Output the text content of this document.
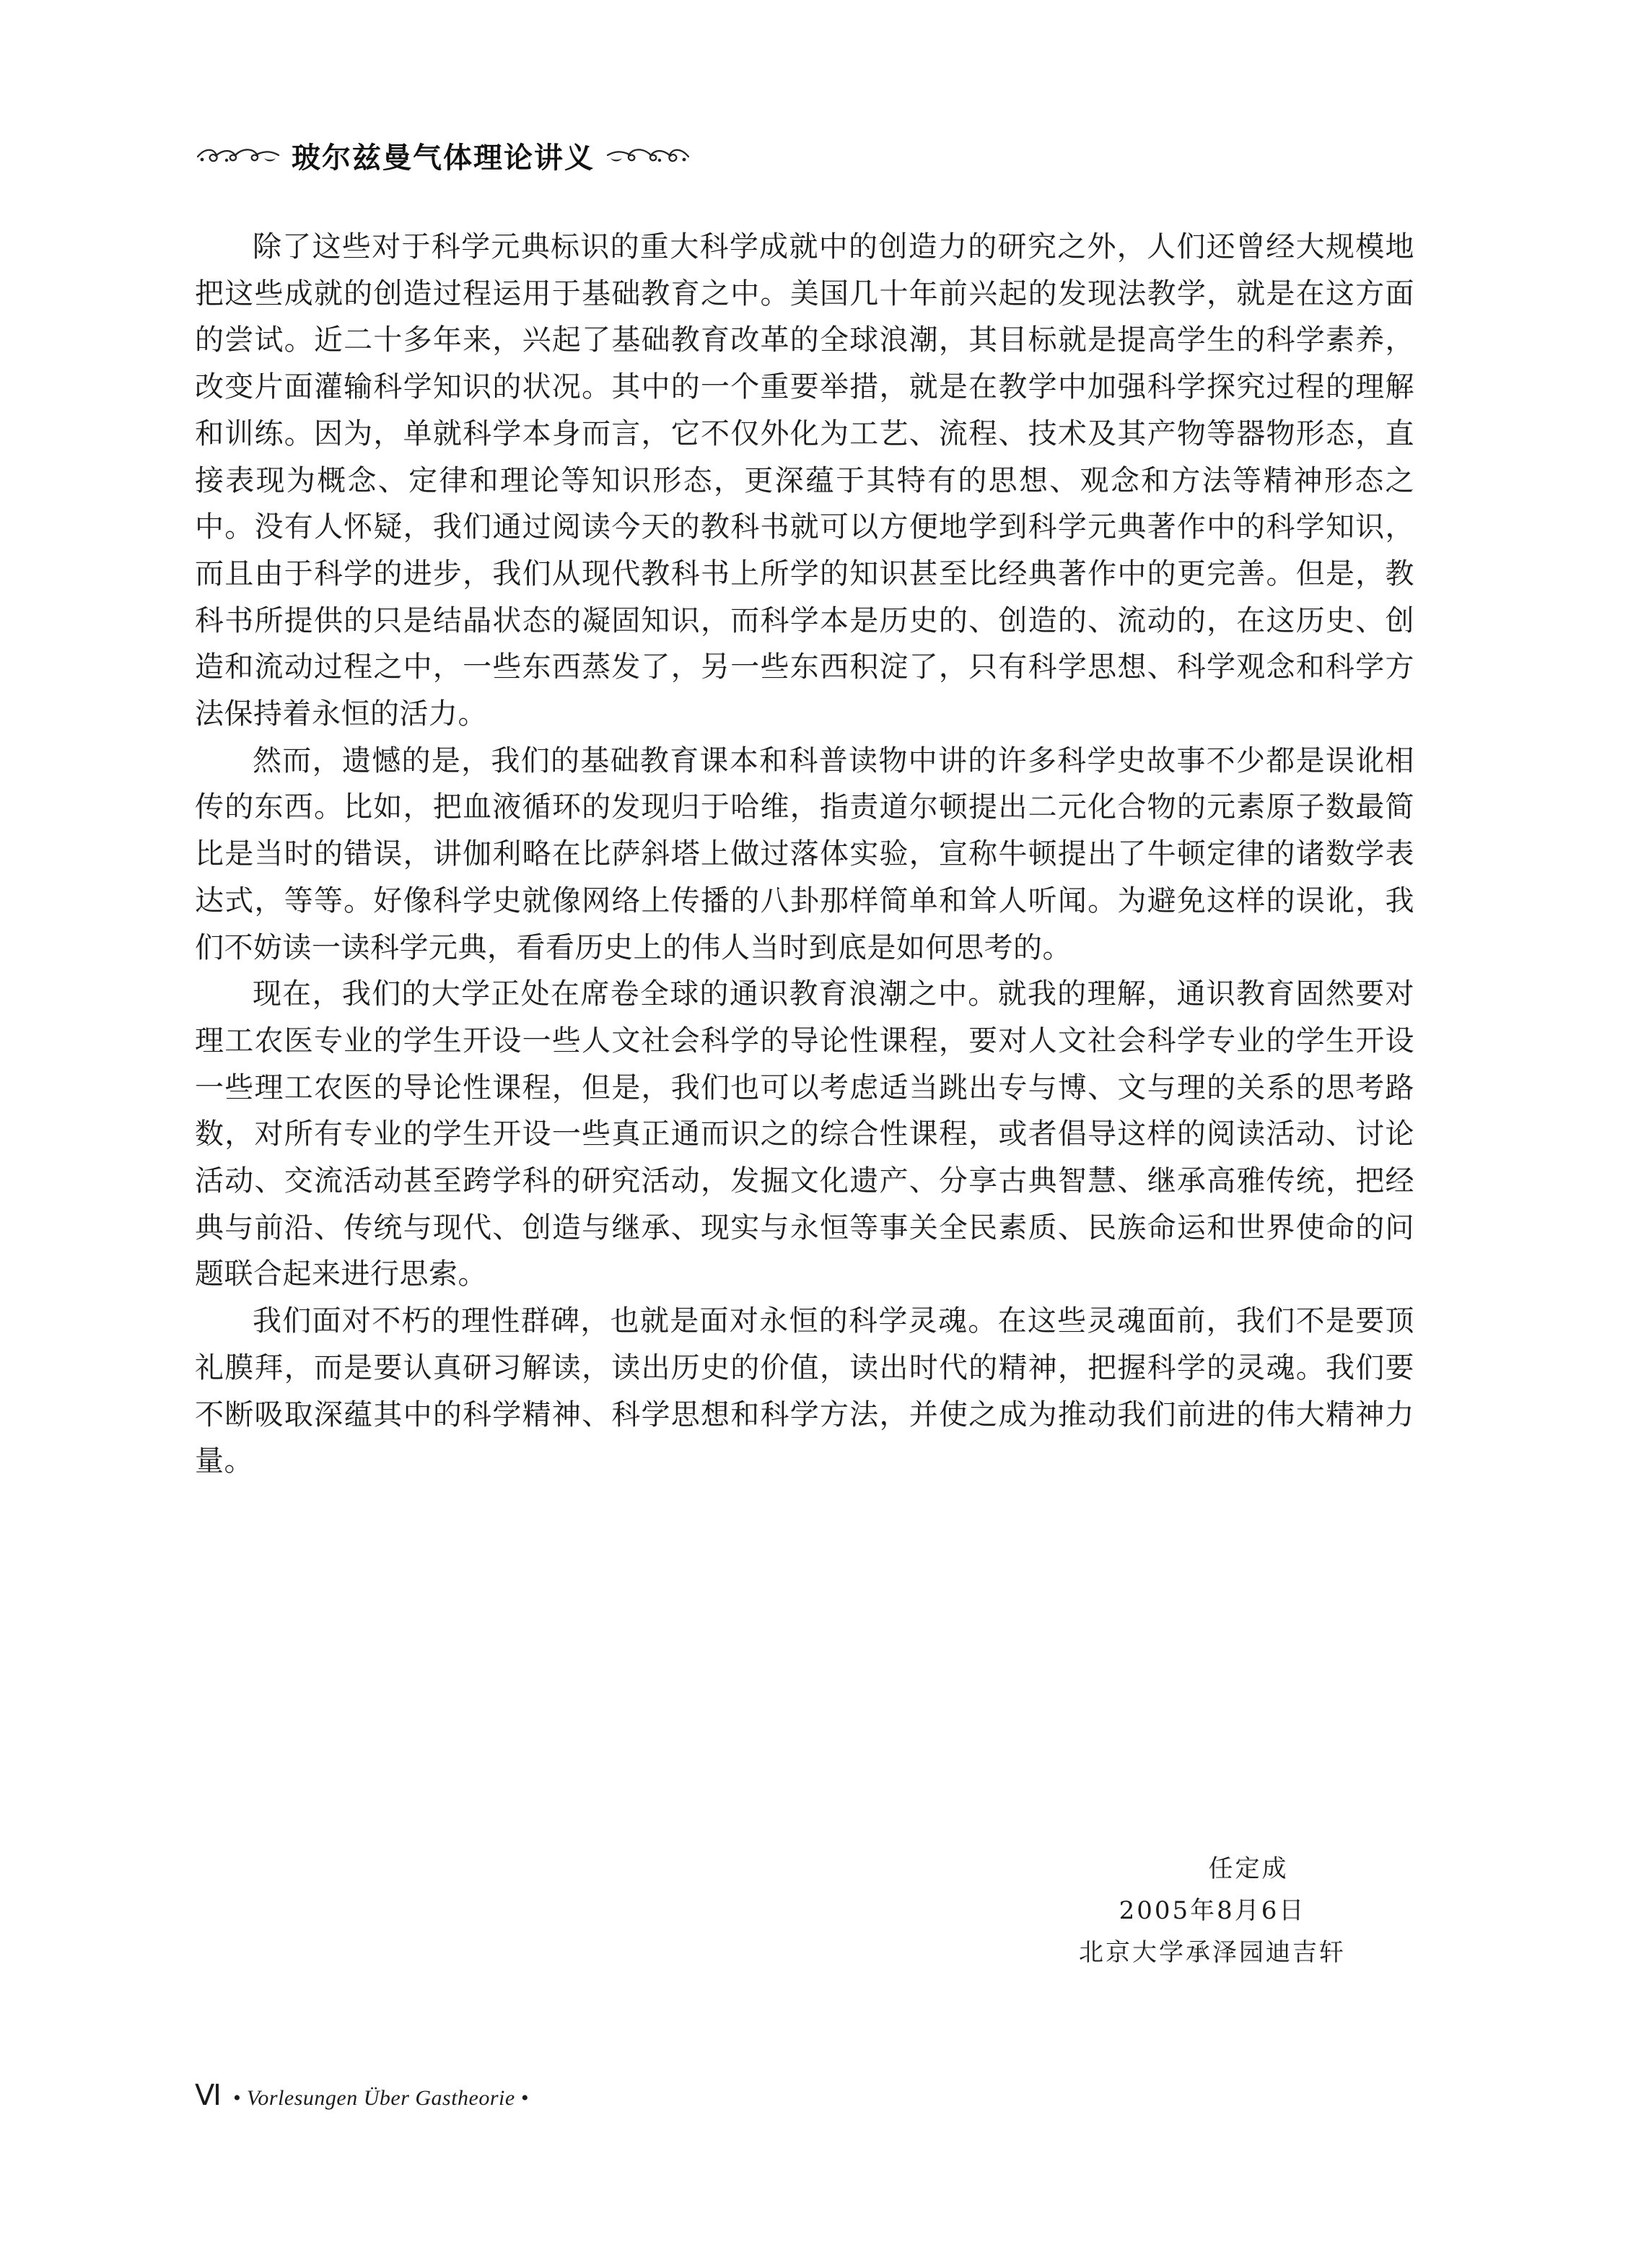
玻尔兹曼气体理论讲义

除了这些对于科学元典标识的重大科学成就中的创造力的研究之外，人们还曾经大规模地把这些成就的创造过程运用于基础教育之中。美国几十年前兴起的发现法教学，就是在这方面的尝试。近二十多年来，兴起了基础教育改革的全球浪潮，其目标就是提高学生的科学素养，改变片面灌输科学知识的状况。其中的一个重要举措，就是在教学中加强科学探究过程的理解和训练。因为，单就科学本身而言，它不仅外化为工艺、流程、技术及其产物等器物形态，直接表现为概念、定律和理论等知识形态，更深蕴于其特有的思想、观念和方法等精神形态之中。没有人怀疑，我们通过阅读今天的教科书就可以方便地学到科学元典著作中的科学知识，而且由于科学的进步，我们从现代教科书上所学的知识甚至比经典著作中的更完善。但是，教科书所提供的只是结晶状态的凝固知识，而科学本是历史的、创造的、流动的，在这历史、创造和流动过程之中，一些东西蒸发了，另一些东西积淀了，只有科学思想、科学观念和科学方法保持着永恒的活力。

然而，遗憾的是，我们的基础教育课本和科普读物中讲的许多科学史故事不少都是误讹相传的东西。比如，把血液循环的发现归于哈维，指责道尔顿提出二元化合物的元素原子数最简比是当时的错误，讲伽利略在比萨斜塔上做过落体实验，宣称牛顿提出了牛顿定律的诸数学表达式，等等。好像科学史就像网络上传播的八卦那样简单和耸人听闻。为避免这样的误讹，我们不妨读一读科学元典，看看历史上的伟人当时到底是如何思考的。

现在，我们的大学正处在席卷全球的通识教育浪潮之中。就我的理解，通识教育固然要对理工农医专业的学生开设一些人文社会科学的导论性课程，要对人文社会科学专业的学生开设一些理工农医的导论性课程，但是，我们也可以考虑适当跳出专与博、文与理的关系的思考路数，对所有专业的学生开设一些真正通而识之的综合性课程，或者倡导这样的阅读活动、讨论活动、交流活动甚至跨学科的研究活动，发掘文化遗产、分享古典智慧、继承高雅传统，把经典与前沿、传统与现代、创造与继承、现实与永恒等事关全民素质、民族命运和世界使命的问题联合起来进行思索。

我们面对不朽的理性群碑，也就是面对永恒的科学灵魂。在这些灵魂面前，我们不是要顶礼膜拜，而是要认真研习解读，读出历史的价值，读出时代的精神，把握科学的灵魂。我们要不断吸取深蕴其中的科学精神、科学思想和科学方法，并使之成为推动我们前进的伟大精神力量。

任定成
2005年8月6日
北京大学承泽园迪吉轩
Ⅵ • Vorlesungen Über Gastheorie •
